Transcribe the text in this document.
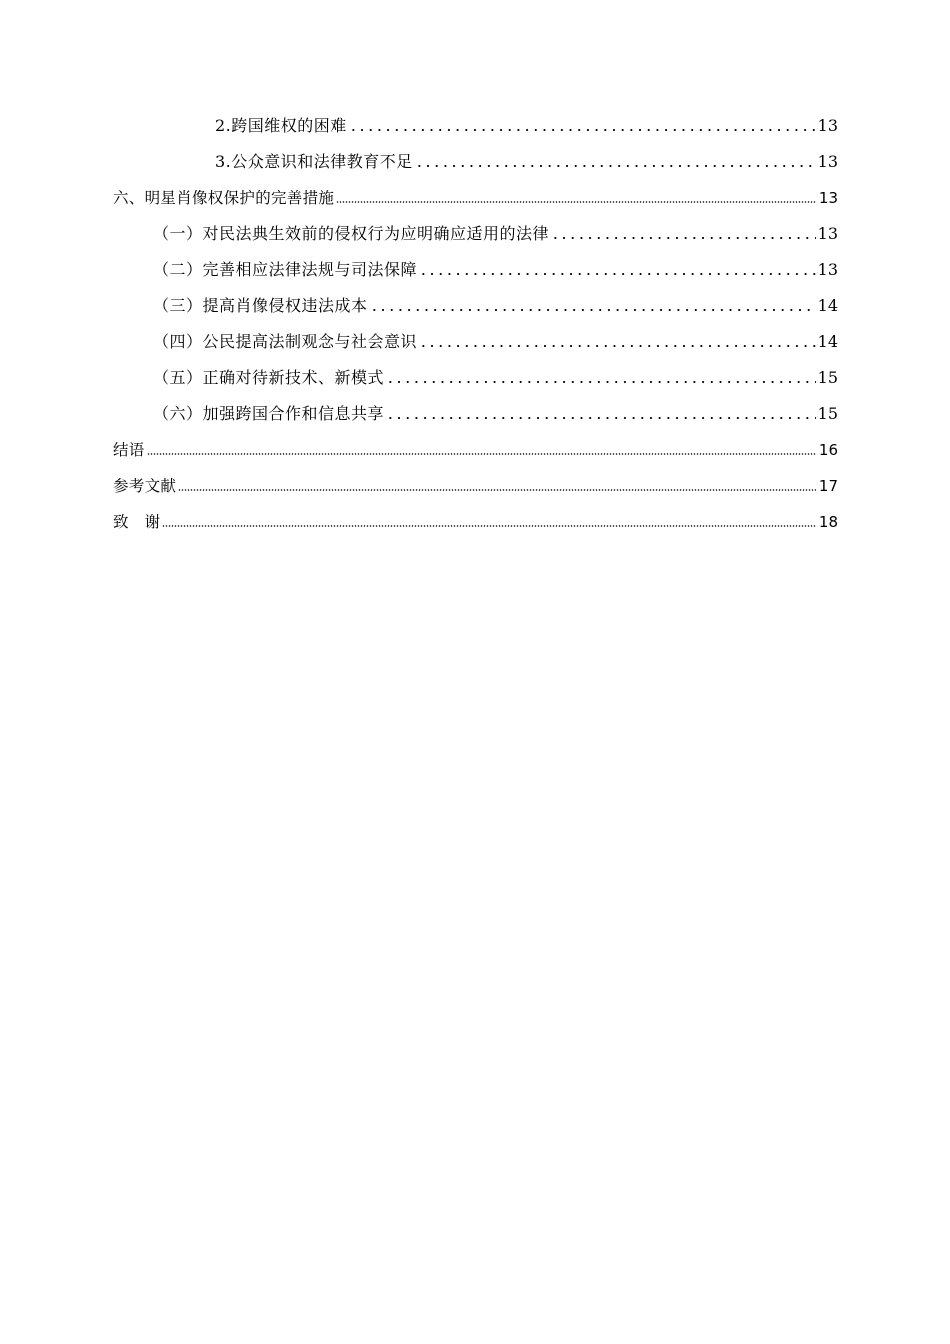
2.跨国维权的困难	13
3.公众意识和法律教育不足	13
六、明星肖像权保护的完善措施	13
（一）对民法典生效前的侵权行为应明确应适用的法律	13
（二）完善相应法律法规与司法保障	13
（三）提高肖像侵权违法成本	14
（四）公民提高法制观念与社会意识	14
（五）正确对待新技术、新模式	15
（六）加强跨国合作和信息共享	15
结语	16
参考文献	17
致　谢	18
